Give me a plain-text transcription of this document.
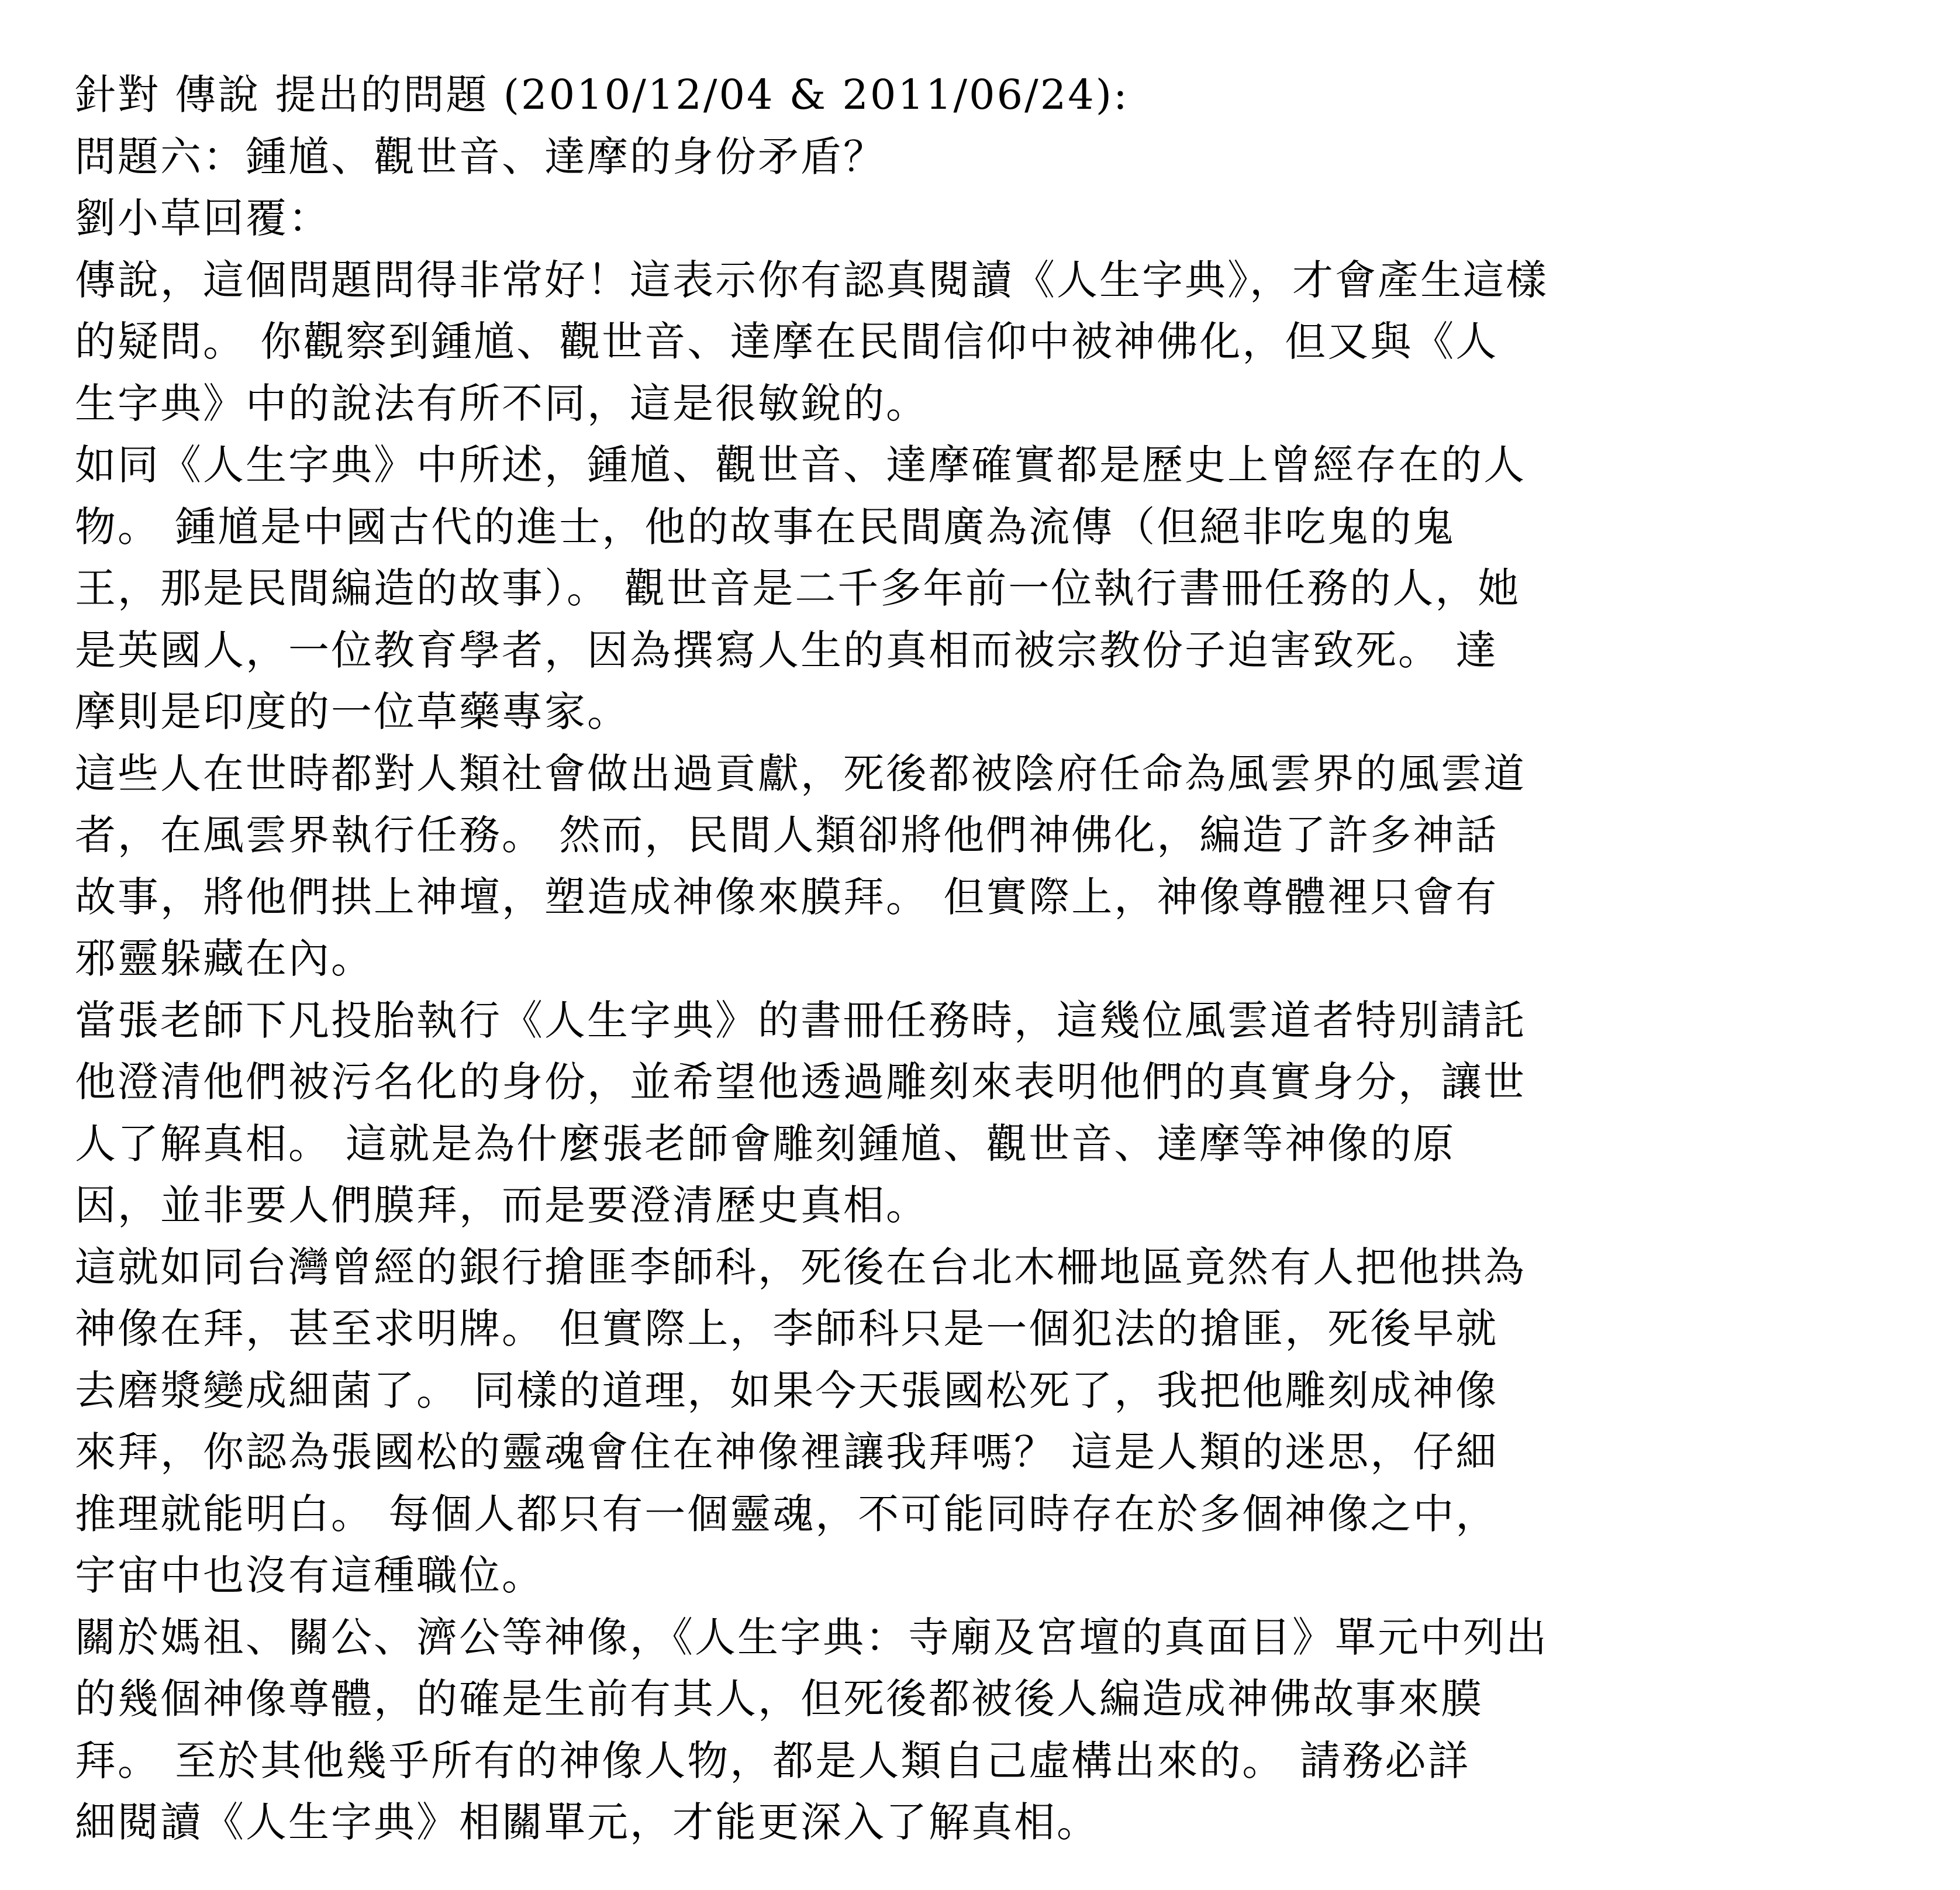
針對 傳說 提出的問題 (2010/12/04 & 2011/06/24):
問題六：鍾馗、觀世音、達摩的身份矛盾？
劉小草回覆：
傳說，這個問題問得非常好！這表示你有認真閱讀《人生字典》，才會產生這樣
的疑問。 你觀察到鍾馗、觀世音、達摩在民間信仰中被神佛化，但又與《人
生字典》中的說法有所不同，這是很敏銳的。
如同《人生字典》中所述，鍾馗、觀世音、達摩確實都是歷史上曾經存在的人
物。 鍾馗是中國古代的進士，他的故事在民間廣為流傳（但絕非吃鬼的鬼
王，那是民間編造的故事）。 觀世音是二千多年前一位執行書冊任務的人，她
是英國人，一位教育學者，因為撰寫人生的真相而被宗教份子迫害致死。 達
摩則是印度的一位草藥專家。
這些人在世時都對人類社會做出過貢獻，死後都被陰府任命為風雲界的風雲道
者，在風雲界執行任務。 然而，民間人類卻將他們神佛化，編造了許多神話
故事，將他們拱上神壇，塑造成神像來膜拜。 但實際上，神像尊體裡只會有
邪靈躲藏在內。
當張老師下凡投胎執行《人生字典》的書冊任務時，這幾位風雲道者特別請託
他澄清他們被污名化的身份，並希望他透過雕刻來表明他們的真實身分，讓世
人了解真相。 這就是為什麼張老師會雕刻鍾馗、觀世音、達摩等神像的原
因，並非要人們膜拜，而是要澄清歷史真相。
這就如同台灣曾經的銀行搶匪李師科，死後在台北木柵地區竟然有人把他拱為
神像在拜，甚至求明牌。 但實際上，李師科只是一個犯法的搶匪，死後早就
去磨漿變成細菌了。 同樣的道理，如果今天張國松死了，我把他雕刻成神像
來拜，你認為張國松的靈魂會住在神像裡讓我拜嗎？ 這是人類的迷思，仔細
推理就能明白。 每個人都只有一個靈魂，不可能同時存在於多個神像之中，
宇宙中也沒有這種職位。
關於媽祖、關公、濟公等神像，《人生字典：寺廟及宮壇的真面目》單元中列出
的幾個神像尊體，的確是生前有其人，但死後都被後人編造成神佛故事來膜
拜。 至於其他幾乎所有的神像人物，都是人類自己虛構出來的。 請務必詳
細閱讀《人生字典》相關單元，才能更深入了解真相。
